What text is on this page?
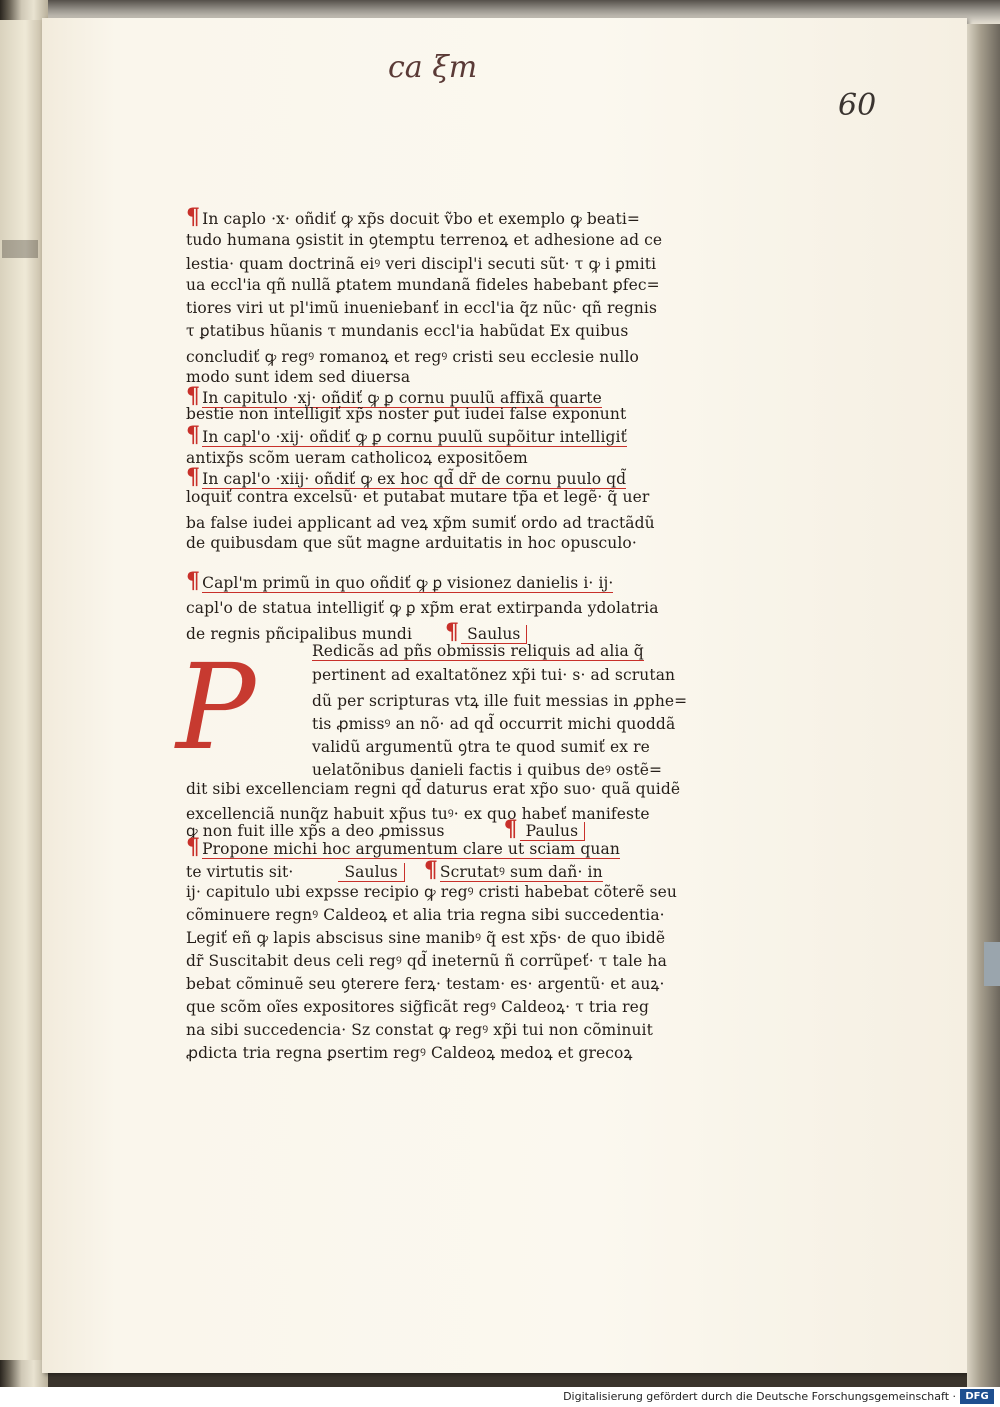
ca ξm
60
¶ In caplo ·x· oñdiť ꝙ xp̃s docuit ṽbo et exemplo ꝙ beati=
tudo humana ꝯsistit in ꝯtemptu terrenoꝝ et adhesione ad ce
lestia· quam doctrinã eiꝰ veri discipl'i secuti sũt· τ ꝙ i ꝑmiti
ua eccl'ia qñ nullã ꝑtatem mundanã fideles habebant ꝑfec=
tiores viri ut pl'imũ inueniebanť in eccl'ia q̃z nũc· qñ regnis
τ ꝑtatibus hũanis τ mundanis eccl'ia habũdat Ex quibus
concludiť ꝙ regꝰ romanoꝝ et regꝰ cristi seu ecclesie nullo
modo sunt idem sed diuersa
¶ In capitulo ·xj· oñdiť ꝙ ꝑ cornu puulũ affixã quarte
bestie non intelligiť xp̃s noster ꝑut iudei false exponunt
¶ In capl'o ·xij· oñdiť ꝙ ꝑ cornu puulũ supõitur intelligiť
antixp̃s scõm ueram catholicoꝝ expositõem
¶ In capl'o ·xiij· oñdiť ꝙ ex hoc qd̃ dr̃ de cornu puulo qd̃
loquiť contra excelsũ· et putabat mutare tp̃a et legẽ· q̃ uer
ba false iudei applicant ad veꝝ xp̃m sumiť ordo ad tractãdũ
de quibusdam que sũt magne arduitatis in hoc opusculo·
¶ Capl'm primũ in quo oñdiť ꝙ ꝑ visionez danielis i· ij·
capl'o de statua intelligiť ꝙ ꝑ xp̃m erat extirpanda ydolatria
de regnis pñcipalibus mundi ¶ Saulus
P	Redicãs ad pñs obmissis reliquis ad alia q̃
pertinent ad exaltatõnez xp̃i tui· s· ad scrutan
dũ per scripturas vtꝝ ille fuit messias in ꝓphe=
tis ꝓmissꝰ an nõ· ad qd̃ occurrit michi quoddã
validũ argumentũ ꝯtra te quod sumiť ex re
uelatõnibus danieli factis i quibus deꝰ ostẽ=
dit sibi excellenciam regni qd̃ daturus erat xp̃o suo· quã quidẽ
excellenciã nunq̃z habuit xp̃us tuꝰ· ex quo habeť manifeste
ꝙ non fuit ille xp̃s a deo ꝓmissus	¶ Paulus
¶ Propone michi hoc argumentum clare ut sciam quan
te virtutis sit·	Saulus ¶ Scrutatꝰ sum dañ· in
ij· capitulo ubi expsse recipio ꝙ regꝰ cristi habebat cõterẽ seu
cõminuere regnꝰ Caldeoꝝ et alia tria regna sibi succedentia·
Legiť eñ ꝙ lapis abscisus sine manibꝰ q̃ est xp̃s· de quo ibidẽ
dr̃ Suscitabit deus celi regꝰ qd̃ ineternũ ñ corrũpeť· τ tale ha
bebat cõminuẽ seu ꝯterere ferꝝ· testam· es· argentũ· et auꝝ·
que scõm oĩes expositores sig̃ficãt regꝰ Caldeoꝝ· τ tria reg
na sibi succedencia· Sz constat ꝙ regꝰ xp̃i tui non cõminuit
ꝓdicta tria regna ꝑsertim regꝰ Caldeoꝝ medoꝝ et grecoꝝ
Digitalisierung gefördert durch die Deutsche Forschungsgemeinschaft · DFG
